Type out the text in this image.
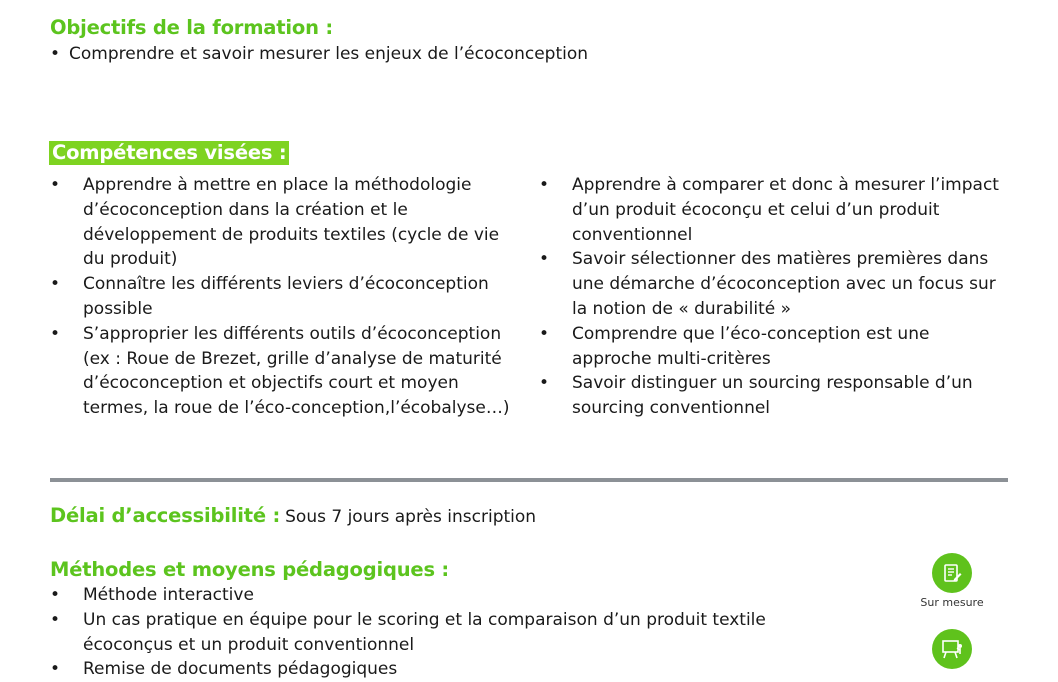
Objectifs de la formation :
• Comprendre et savoir mesurer les enjeux de l’écoconception
Compétences visées :
• Apprendre à mettre en place la méthodologie d’écoconception dans la création et le développement de produits textiles (cycle de vie du produit)
• Connaître les différents leviers d’écoconception possible
• S’approprier les différents outils d’écoconception (ex : Roue de Brezet, grille d’analyse de maturité d’écoconception et objectifs court et moyen termes, la roue de l’éco-conception,l’écobalyse…)
• Apprendre à comparer et donc à mesurer l’impact d’un produit écoconçu et celui d’un produit conventionnel
• Savoir sélectionner des matières premières dans une démarche d’écoconception avec un focus sur la notion de « durabilité »
• Comprendre que l’éco-conception est une approche multi-critères
• Savoir distinguer un sourcing responsable d’un sourcing conventionnel
Délai d’accessibilité : Sous 7 jours après inscription
Méthodes et moyens pédagogiques :
• Méthode interactive
• Un cas pratique en équipe pour le scoring et la comparaison d’un produit textile écoconçus et un produit conventionnel
• Remise de documents pédagogiques
Sur mesure
